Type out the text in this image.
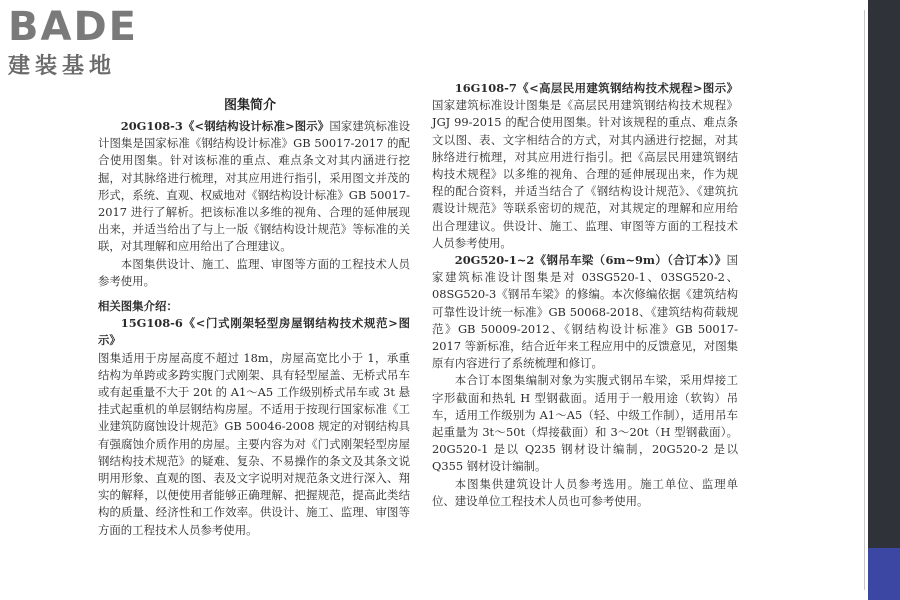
BADE
建装基地
图集简介

20G108-3《<钢结构设计标准>图示》国家建筑标准设计图集是国家标准《钢结构设计标准》GB 50017-2017 的配合使用图集。针对该标准的重点、难点条文对其内涵进行挖掘，对其脉络进行梳理，对其应用进行指引，采用图文并茂的形式，系统、直观、权威地对《钢结构设计标准》GB 50017-2017 进行了解析。把该标准以多维的视角、合理的延伸展现出来，并适当给出了与上一版《钢结构设计规范》等标准的关联，对其理解和应用给出了合理建议。

本图集供设计、施工、监理、审图等方面的工程技术人员参考使用。

相关图集介绍：

15G108-6《<门式刚架轻型房屋钢结构技术规范>图示》

图集适用于房屋高度不超过 18m，房屋高宽比小于 1，承重结构为单跨或多跨实腹门式刚架、具有轻型屋盖、无桥式吊车或有起重量不大于 20t 的 A1～A5 工作级别桥式吊车或 3t 悬挂式起重机的单层钢结构房屋。不适用于按现行国家标准《工业建筑防腐蚀设计规范》GB 50046-2008 规定的对钢结构具有强腐蚀介质作用的房屋。主要内容为对《门式刚架轻型房屋钢结构技术规范》的疑难、复杂、不易操作的条文及其条文说明用形象、直观的图、表及文字说明对规范条文进行深入、翔实的解释，以便使用者能够正确理解、把握规范，提高此类结构的质量、经济性和工作效率。供设计、施工、监理、审图等方面的工程技术人员参考使用。

16G108-7《<高层民用建筑钢结构技术规程>图示》国家建筑标准设计图集是《高层民用建筑钢结构技术规程》JGJ 99-2015 的配合使用图集。针对该规程的重点、难点条文以图、表、文字相结合的方式，对其内涵进行挖掘，对其脉络进行梳理，对其应用进行指引。把《高层民用建筑钢结构技术规程》以多维的视角、合理的延伸展现出来，作为规程的配合资料，并适当结合了《钢结构设计规范》、《建筑抗震设计规范》等联系密切的规范，对其规定的理解和应用给出合理建议。供设计、施工、监理、审图等方面的工程技术人员参考使用。

20G520-1~2《钢吊车梁（6m~9m）（合订本）》国家建筑标准设计图集是对 03SG520-1、03SG520-2、08SG520-3《钢吊车梁》的修编。本次修编依据《建筑结构可靠性设计统一标准》GB 50068-2018、《建筑结构荷载规范》GB 50009-2012、《钢结构设计标准》GB 50017-2017 等新标准，结合近年来工程应用中的反馈意见，对图集原有内容进行了系统梳理和修订。

本合订本图集编制对象为实腹式钢吊车梁，采用焊接工字形截面和热轧 H 型钢截面。适用于一般用途（软钩）吊车，适用工作级别为 A1～A5（轻、中级工作制），适用吊车起重量为 3t～50t（焊接截面）和 3～20t（H 型钢截面）。20G520-1 是以 Q235 钢材设计编制，20G520-2 是以 Q355 钢材设计编制。

本图集供建筑设计人员参考选用。施工单位、监理单位、建设单位工程技术人员也可参考使用。
